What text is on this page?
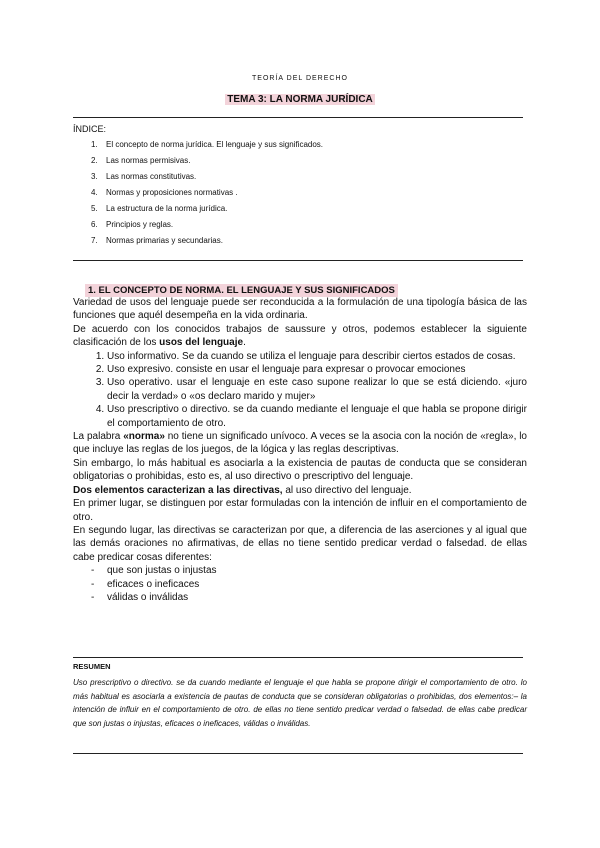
TEORÍA DEL DERECHO
TEMA 3: LA NORMA JURÍDICA
ÍNDICE:
1. El concepto de norma jurídica. El lenguaje y sus significados.
2. Las normas permisivas.
3. Las normas constitutivas.
4. Normas y proposiciones normativas .
5. La estructura de la norma jurídica.
6. Principios y reglas.
7. Normas primarias y secundarias.
1. EL CONCEPTO DE NORMA. EL LENGUAJE Y SUS SIGNIFICADOS

Variedad de usos del lenguaje puede ser reconducida a la formulación de una tipología básica de las funciones que aquél desempeña en la vida ordinaria.

De acuerdo con los conocidos trabajos de saussure y otros, podemos establecer la siguiente clasificación de los usos del lenguaje.

1. Uso informativo. Se da cuando se utiliza el lenguaje para describir ciertos estados de cosas.
2. Uso expresivo. consiste en usar el lenguaje para expresar o provocar emociones
3. Uso operativo. usar el lenguaje en este caso supone realizar lo que se está diciendo. «juro decir la verdad» o «os declaro marido y mujer»
4. Uso prescriptivo o directivo. se da cuando mediante el lenguaje el que habla se propone dirigir el comportamiento de otro.

La palabra «norma» no tiene un significado unívoco. A veces se la asocia con la noción de «regla», lo que incluye las reglas de los juegos, de la lógica y las reglas descriptivas.

Sin embargo, lo más habitual es asociarla a la existencia de pautas de conducta que se consideran obligatorias o prohibidas, esto es, al uso directivo o prescriptivo del lenguaje.

Dos elementos caracterizan a las directivas, al uso directivo del lenguaje.

En primer lugar, se distinguen por estar formuladas con la intención de influir en el comportamiento de otro.

En segundo lugar, las directivas se caracterizan por que, a diferencia de las aserciones y al igual que las demás oraciones no afirmativas, de ellas no tiene sentido predicar verdad o falsedad. de ellas cabe predicar cosas diferentes:

- que son justas o injustas
- eficaces o ineficaces
- válidas o inválidas
RESUMEN
Uso prescriptivo o directivo. se da cuando mediante el lenguaje el que habla se propone dirigir el comportamiento de otro. lo más habitual es asociarla a existencia de pautas de conducta que se consideran obligatorias o prohibidas, dos elementos:– la intención de influir en el comportamiento de otro. de ellas no tiene sentido predicar verdad o falsedad. de ellas cabe predicar que son justas o injustas, eficaces o ineficaces, válidas o inválidas.
